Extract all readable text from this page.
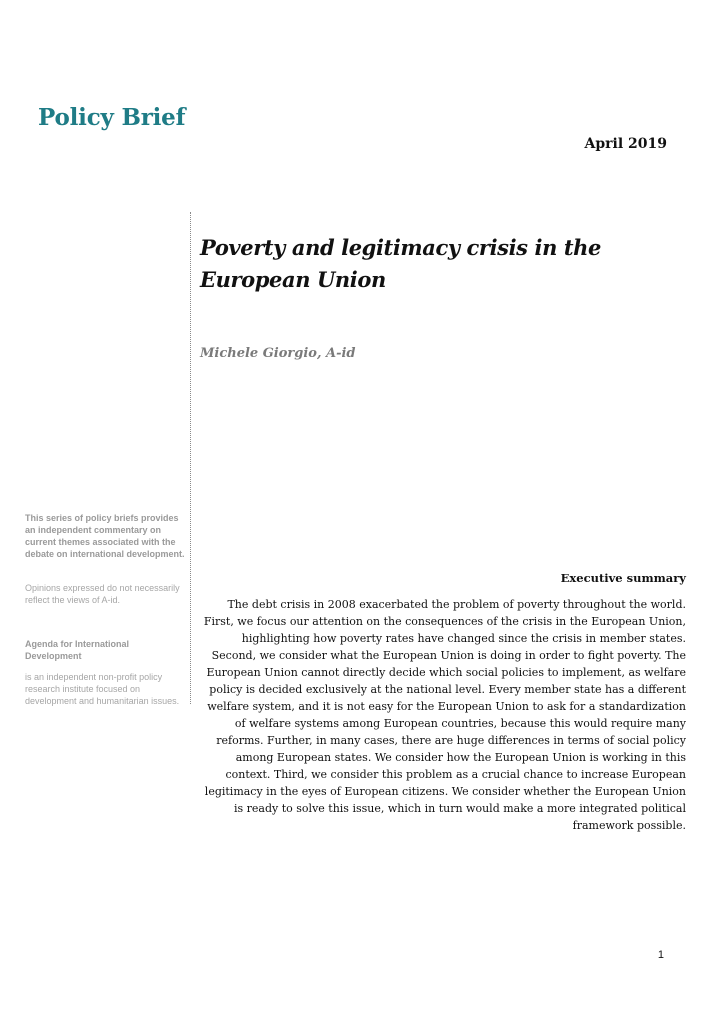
Policy Brief
April 2019
Poverty and legitimacy crisis in the European Union
Michele Giorgio, A-id
This series of policy briefs provides an independent commentary on current themes associated with the debate on international development.
Opinions expressed do not necessarily reflect the views of A-id.
Agenda for International Development
is an independent non-profit policy research institute focused on development and humanitarian issues.
Executive summary

The debt crisis in 2008 exacerbated the problem of poverty throughout the world. First, we focus our attention on the consequences of the crisis in the European Union, highlighting how poverty rates have changed since the crisis in member states. Second, we consider what the European Union is doing in order to fight poverty. The European Union cannot directly decide which social policies to implement, as welfare policy is decided exclusively at the national level. Every member state has a different welfare system, and it is not easy for the European Union to ask for a standardization of welfare systems among European countries, because this would require many reforms. Further, in many cases, there are huge differences in terms of social policy among European states. We consider how the European Union is working in this context. Third, we consider this problem as a crucial chance to increase European legitimacy in the eyes of European citizens. We consider whether the European Union is ready to solve this issue, which in turn would make a more integrated political framework possible.

1
